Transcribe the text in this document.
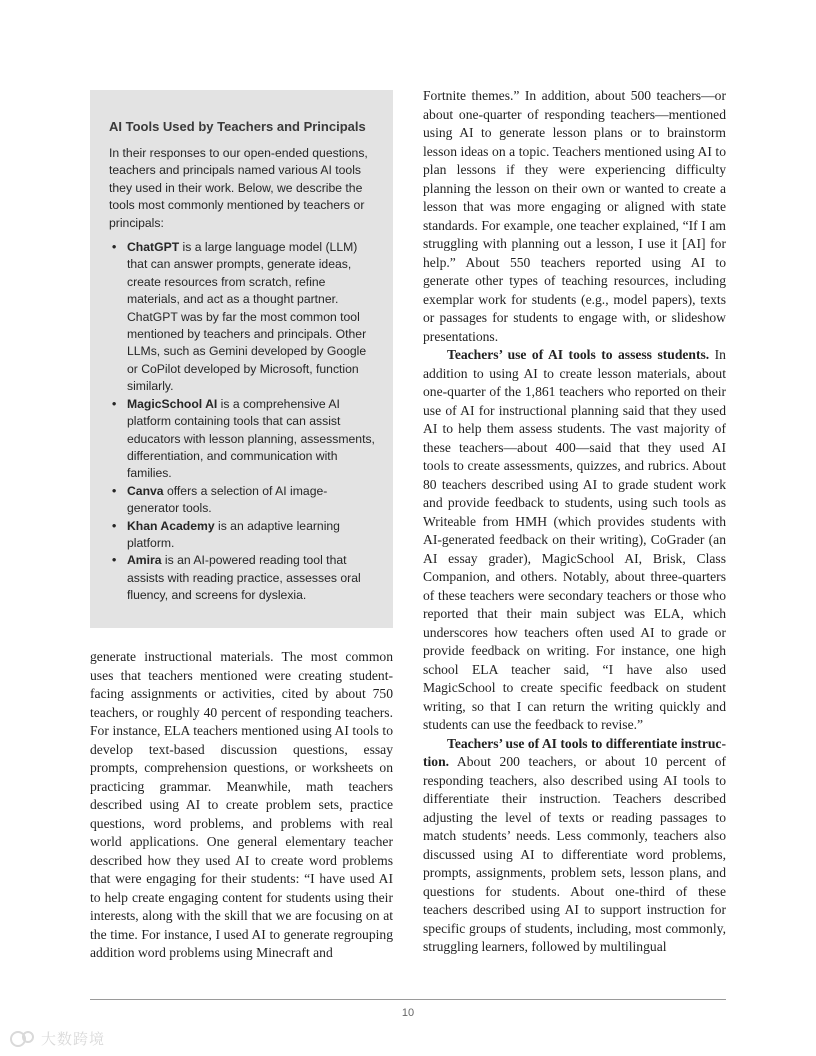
AI Tools Used by Teachers and Principals

In their responses to our open-ended questions, teachers and principals named various AI tools they used in their work. Below, we describe the tools most commonly mentioned by teachers or principals:

• ChatGPT is a large language model (LLM) that can answer prompts, generate ideas, create resources from scratch, refine materials, and act as a thought partner. ChatGPT was by far the most common tool mentioned by teachers and principals. Other LLMs, such as Gemini developed by Google or CoPilot developed by Microsoft, function similarly.
• MagicSchool AI is a comprehensive AI platform containing tools that can assist educators with lesson planning, assessments, differentiation, and communication with families.
• Canva offers a selection of AI image-generator tools.
• Khan Academy is an adaptive learning platform.
• Amira is an AI-powered reading tool that assists with reading practice, assesses oral fluency, and screens for dyslexia.

generate instructional materials. The most common uses that teachers mentioned were creating student-facing assignments or activities, cited by about 750 teachers, or roughly 40 percent of responding teachers. For instance, ELA teachers mentioned using AI tools to develop text-based discussion questions, essay prompts, comprehension questions, or worksheets on practicing grammar. Meanwhile, math teachers described using AI to create problem sets, practice questions, word problems, and problems with real world applications. One general elementary teacher described how they used AI to create word problems that were engaging for their students: “I have used AI to help create engaging content for students using their interests, along with the skill that we are focusing on at the time. For instance, I used AI to generate regrouping addition word problems using Minecraft and

Fortnite themes.” In addition, about 500 teachers—or about one-quarter of responding teachers—mentioned using AI to generate lesson plans or to brainstorm lesson ideas on a topic. Teachers mentioned using AI to plan lessons if they were experiencing difficulty planning the lesson on their own or wanted to create a lesson that was more engaging or aligned with state standards. For example, one teacher explained, “If I am struggling with planning out a lesson, I use it [AI] for help.” About 550 teachers reported using AI to generate other types of teaching resources, including exemplar work for students (e.g., model papers), texts or passages for students to engage with, or slideshow presentations.

Teachers’ use of AI tools to assess students. In addition to using AI to create lesson materials, about one-quarter of the 1,861 teachers who reported on their use of AI for instructional planning said that they used AI to help them assess students. The vast majority of these teachers—about 400—said that they used AI tools to create assessments, quizzes, and rubrics. About 80 teachers described using AI to grade student work and provide feedback to students, using such tools as Writeable from HMH (which provides students with AI-generated feedback on their writing), CoGrader (an AI essay grader), MagicSchool AI, Brisk, Class Companion, and others. Notably, about three-quarters of these teachers were secondary teachers or those who reported that their main subject was ELA, which underscores how teachers often used AI to grade or provide feedback on writing. For instance, one high school ELA teacher said, “I have also used MagicSchool to create specific feedback on student writing, so that I can return the writing quickly and students can use the feedback to revise.”

Teachers’ use of AI tools to differentiate instruction. About 200 teachers, or about 10 percent of responding teachers, also described using AI tools to differentiate their instruction. Teachers described adjusting the level of texts or reading passages to match students’ needs. Less commonly, teachers also discussed using AI to differentiate word problems, prompts, assignments, problem sets, lesson plans, and questions for students. About one-third of these teachers described using AI to support instruction for specific groups of students, including, most commonly, struggling learners, followed by multilingual

10
大数跨境
